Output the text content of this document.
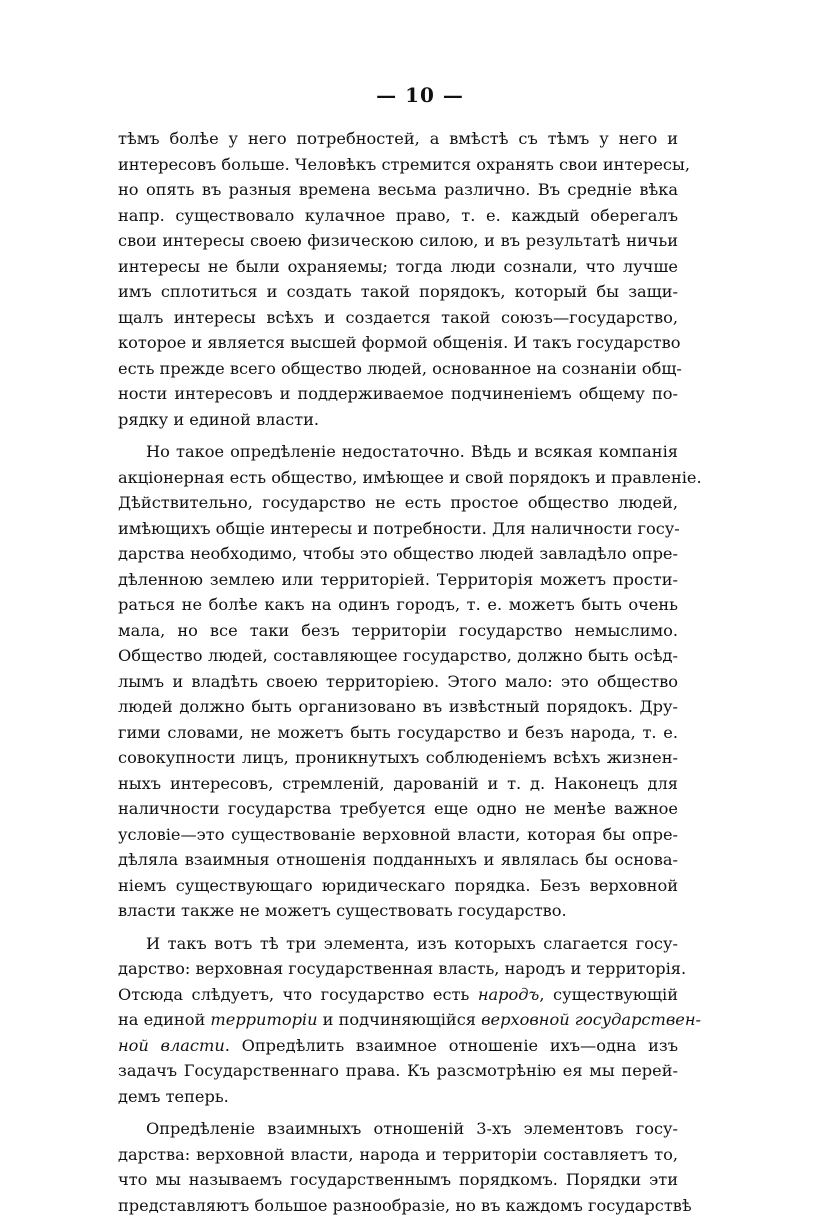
— 10 —
тѣмъ болѣе у него потребностей, а вмѣстѣ съ тѣмъ у него и
интересовъ больше. Человѣкъ стремится охранять свои интересы,
но опять въ разныя времена весьма различно. Въ средніе вѣка
напр. существовало кулачное право, т. е. каждый оберегалъ
свои интересы своею физическою силою, и въ результатѣ ничьи
интересы не были охраняемы; тогда люди сознали, что лучше
имъ сплотиться и создать такой порядокъ, который бы защи-
щалъ интересы всѣхъ и создается такой союзъ—государство,
которое и является высшей формой общенія. И такъ государство
есть прежде всего общество людей, основанное на сознаніи общ-
ности интересовъ и поддерживаемое подчиненіемъ общему по-
рядку и единой власти.
Но такое опредѣленіе недостаточно. Вѣдь и всякая компанія
акціонерная есть общество, имѣющее и свой порядокъ и правленіе.
Дѣйствительно, государство не есть простое общество людей,
имѣющихъ общіе интересы и потребности. Для наличности госу-
дарства необходимо, чтобы это общество людей завладѣло опре-
дѣленною землею или территоріей. Территорія можетъ прости-
раться не болѣе какъ на одинъ городъ, т. е. можетъ быть очень
мала, но все таки безъ территоріи государство немыслимо.
Общество людей, составляющее государство, должно быть осѣд-
лымъ и владѣть своею территоріею. Этого мало: это общество
людей должно быть организовано въ извѣстный порядокъ. Дру-
гими словами, не можетъ быть государство и безъ народа, т. е.
совокупности лицъ, проникнутыхъ соблюденіемъ всѣхъ жизнен-
ныхъ интересовъ, стремленій, дарованій и т. д. Наконецъ для
наличности государства требуется еще одно не менѣе важное
условіе—это существованіе верховной власти, которая бы опре-
дѣляла взаимныя отношенія подданныхъ и являлась бы основа-
ніемъ существующаго юридическаго порядка. Безъ верховной
власти также не можетъ существовать государство.
И такъ вотъ тѣ три элемента, изъ которыхъ слагается госу-
дарство: верховная государственная власть, народъ и территорія.
Отсюда слѣдуетъ, что государство есть народъ, существующій
на единой территоріи и подчиняющійся верховной государствен-
ной власти. Опредѣлить взаимное отношеніе ихъ—одна изъ
задачъ Государственнаго права. Къ разсмотрѣнію ея мы перей-
демъ теперь.
Опредѣленіе взаимныхъ отношеній 3-хъ элементовъ госу-
дарства: верховной власти, народа и территоріи составляетъ то,
что мы называемъ государственнымъ порядкомъ. Порядки эти
представляютъ большое разнообразіе, но въ каждомъ государствѣ
